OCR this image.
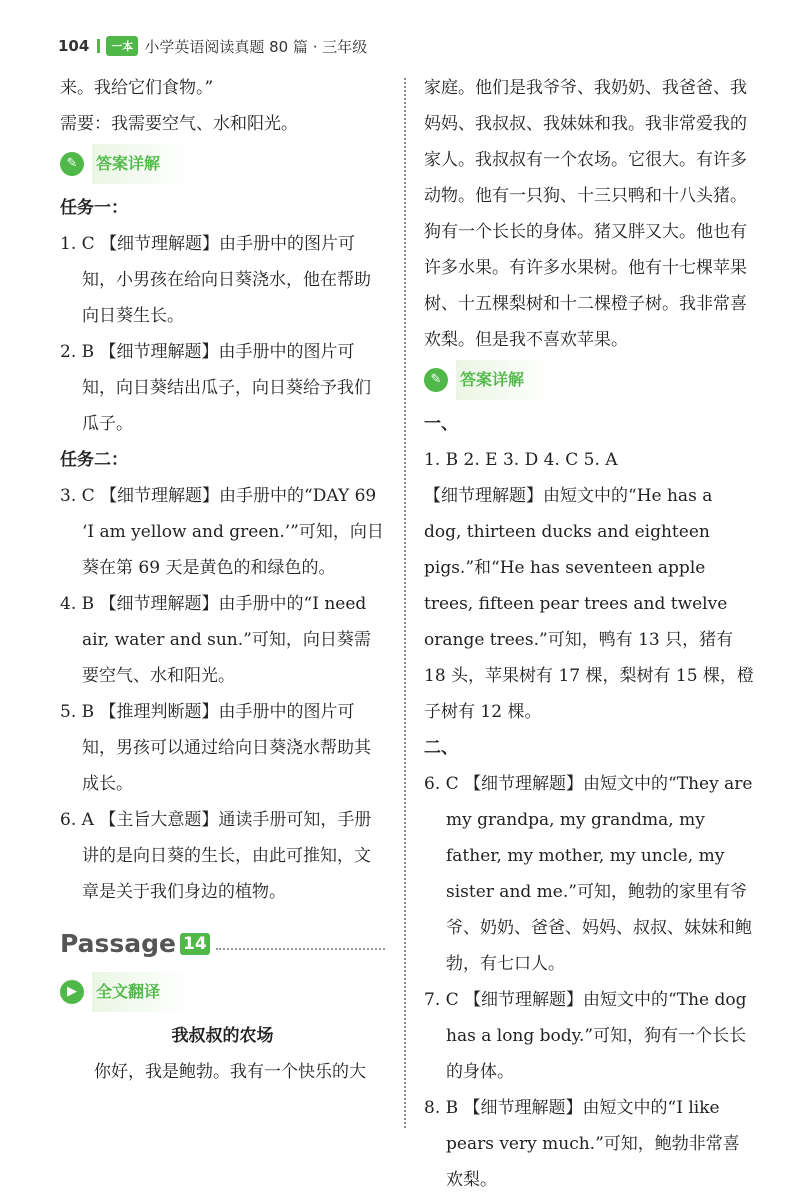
104	一本 小学英语阅读真题 80 篇 · 三年级

来。我给它们食物。”

需要：我需要空气、水和阳光。

✎	答案详解

任务一：

1. C 【细节理解题】由手册中的图片可知，小男孩在给向日葵浇水，他在帮助向日葵生长。

2. B 【细节理解题】由手册中的图片可知，向日葵结出瓜子，向日葵给予我们瓜子。

任务二：

3. C 【细节理解题】由手册中的“DAY 69 ‘I am yellow and green.’”可知，向日葵在第 69 天是黄色的和绿色的。

4. B 【细节理解题】由手册中的“I need air, water and sun.”可知，向日葵需要空气、水和阳光。

5. B 【推理判断题】由手册中的图片可知，男孩可以通过给向日葵浇水帮助其成长。

6. A 【主旨大意题】通读手册可知，手册讲的是向日葵的生长，由此可推知，文章是关于我们身边的植物。

Passage 14
▶	全文翻译

我叔叔的农场

你好，我是鲍勃。我有一个快乐的大

家庭。他们是我爷爷、我奶奶、我爸爸、我妈妈、我叔叔、我妹妹和我。我非常爱我的家人。我叔叔有一个农场。它很大。有许多动物。他有一只狗、十三只鸭和十八头猪。狗有一个长长的身体。猪又胖又大。他也有许多水果。有许多水果树。他有十七棵苹果树、十五棵梨树和十二棵橙子树。我非常喜欢梨。但是我不喜欢苹果。

✎	答案详解

一、

1. B 2. E 3. D 4. C 5. A

【细节理解题】由短文中的“He has a dog, thirteen ducks and eighteen pigs.”和“He has seventeen apple trees, fifteen pear trees and twelve orange trees.”可知，鸭有 13 只，猪有 18 头，苹果树有 17 棵，梨树有 15 棵，橙子树有 12 棵。

二、

6. C 【细节理解题】由短文中的“They are my grandpa, my grandma, my father, my mother, my uncle, my sister and me.”可知，鲍勃的家里有爷爷、奶奶、爸爸、妈妈、叔叔、妹妹和鲍勃，有七口人。

7. C 【细节理解题】由短文中的“The dog has a long body.”可知，狗有一个长长的身体。

8. B 【细节理解题】由短文中的“I like pears very much.”可知，鲍勃非常喜欢梨。
